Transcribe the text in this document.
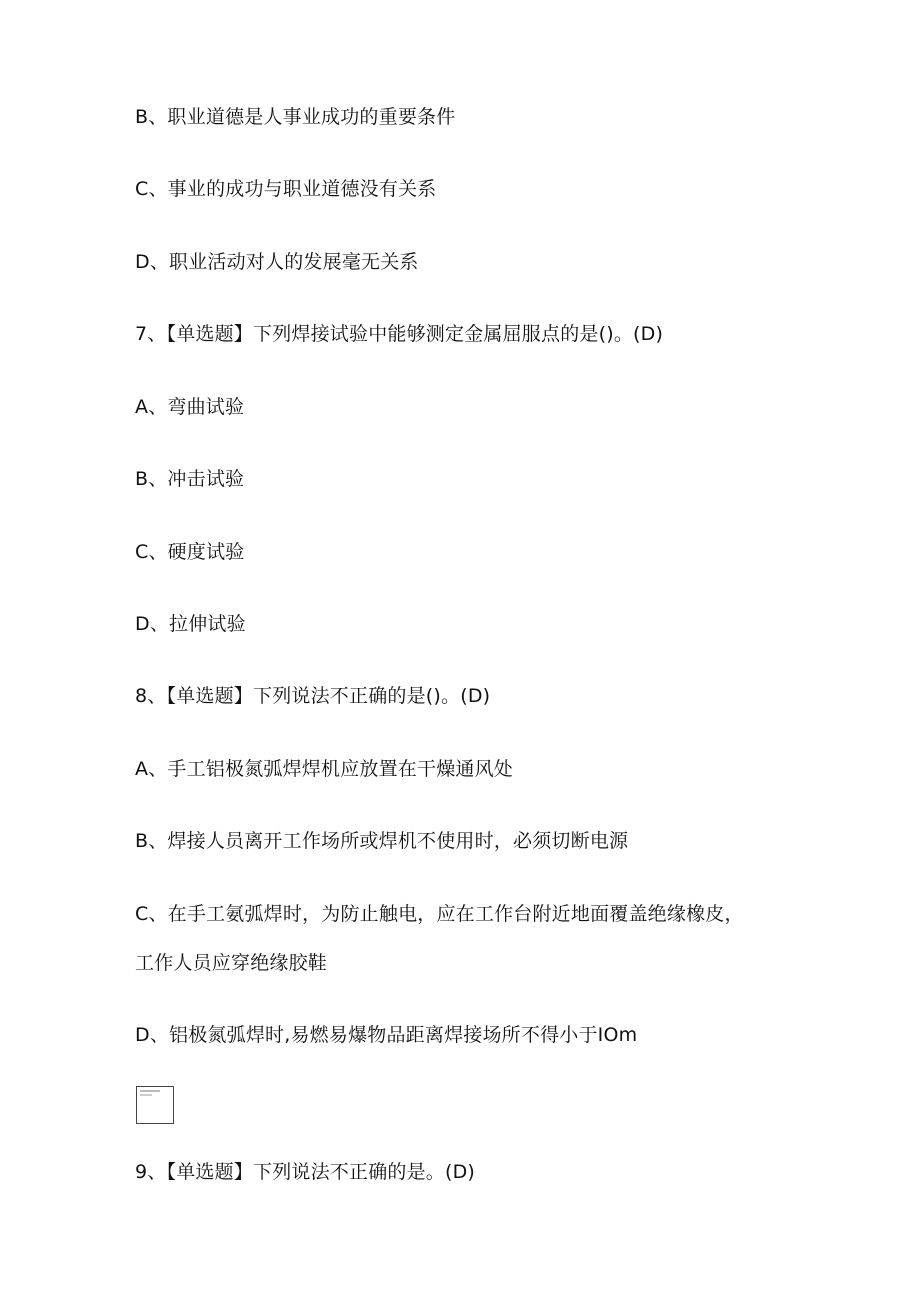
B、职业道德是人事业成功的重要条件
C、事业的成功与职业道德没有关系
D、职业活动对人的发展毫无关系
7、【单选题】下列焊接试验中能够测定金属屈服点的是()。(D)
A、弯曲试验
B、冲击试验
C、硬度试验
D、拉伸试验
8、【单选题】下列说法不正确的是()。(D)
A、手工铝极氮弧焊焊机应放置在干燥通风处
B、焊接人员离开工作场所或焊机不使用时，必须切断电源
C、在手工氨弧焊时，为防止触电，应在工作台附近地面覆盖绝缘橡皮，
工作人员应穿绝缘胶鞋
D、铝极氮弧焊时,易燃易爆物品距离焊接场所不得小于IOm
9、【单选题】下列说法不正确的是。(D)
